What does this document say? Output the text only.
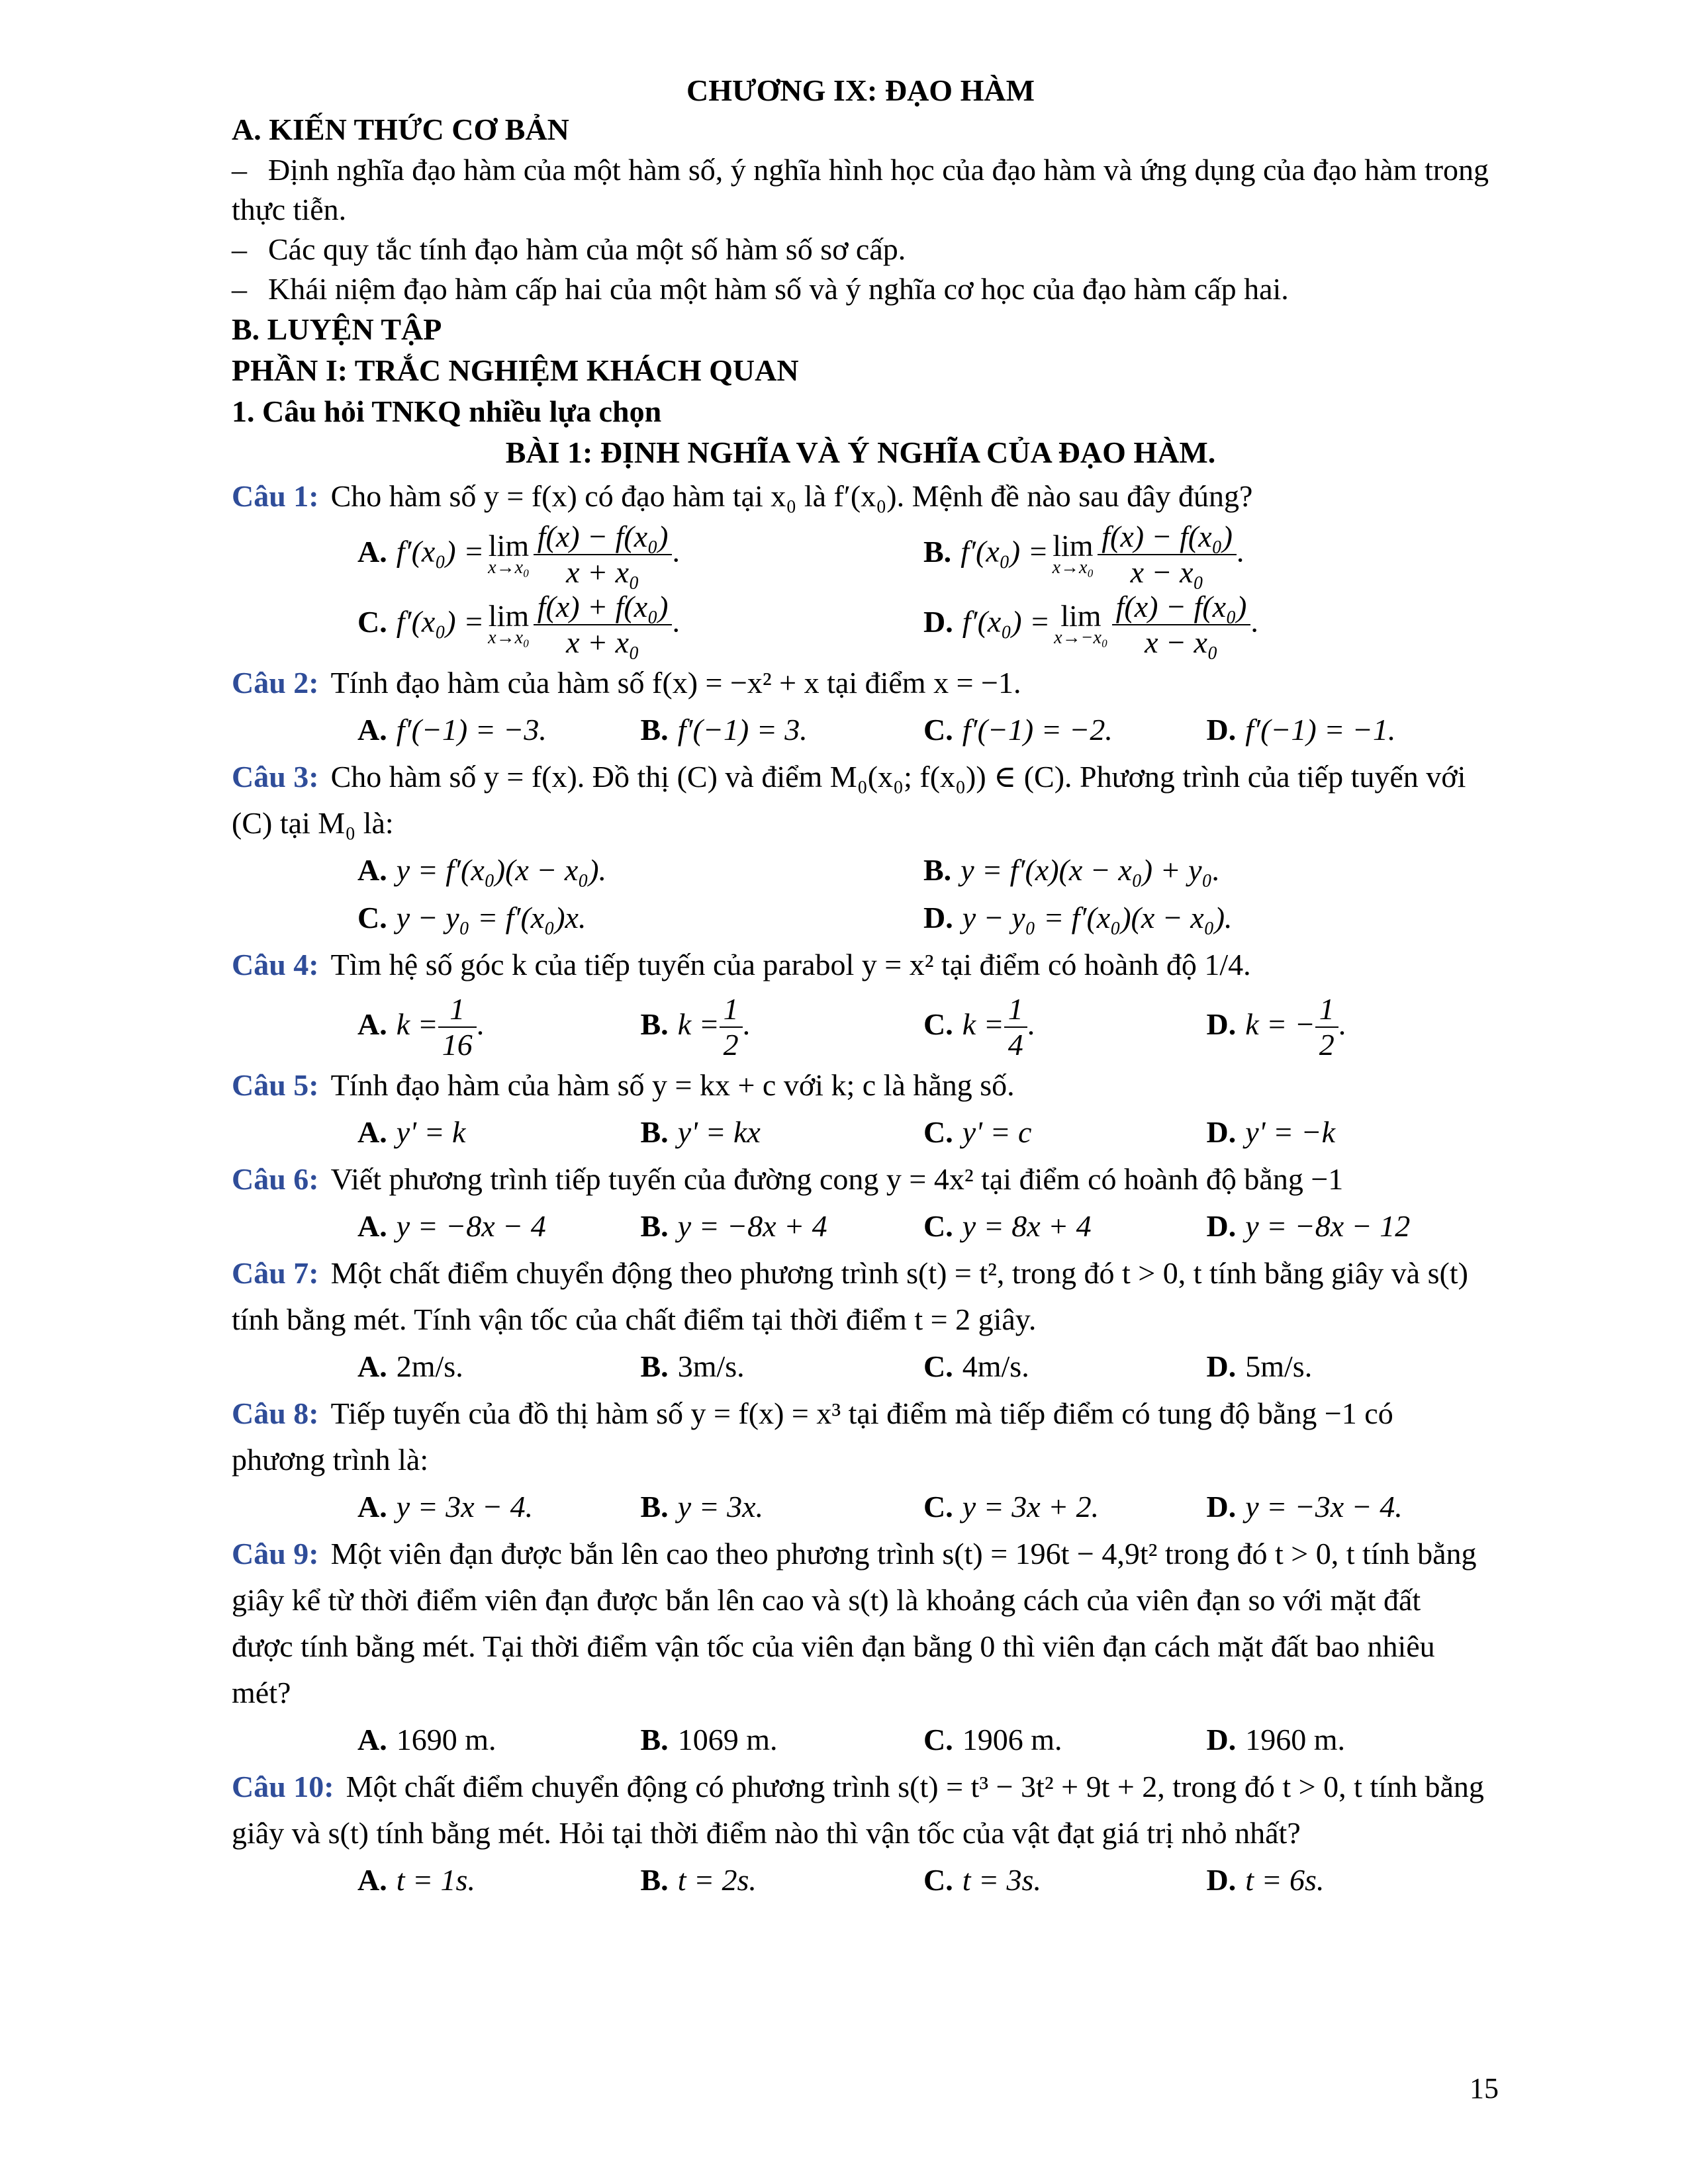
CHƯƠNG IX: ĐẠO HÀM
A. KIẾN THỨC CƠ BẢN
– Định nghĩa đạo hàm của một hàm số, ý nghĩa hình học của đạo hàm và ứng dụng của đạo hàm trong thực tiễn.
– Các quy tắc tính đạo hàm của một số hàm số sơ cấp.
– Khái niệm đạo hàm cấp hai của một hàm số và ý nghĩa cơ học của đạo hàm cấp hai.
B. LUYỆN TẬP
PHẦN I: TRẮC NGHIỆM KHÁCH QUAN
1. Câu hỏi TNKQ nhiều lựa chọn
BÀI 1: ĐỊNH NGHĨA VÀ Ý NGHĨA CỦA ĐẠO HÀM.
Câu 1: Cho hàm số y = f(x) có đạo hàm tại x₀ là f′(x₀). Mệnh đề nào sau đây đúng?
A. f′(x₀) = lim
$x\to x_0 \frac{\text{f(x) − f(x₀)}}{\text{x + x₀}}$ .	B. f′(x₀) = lim
$x\to x_0 \frac{\text{f(x) − f(x₀)}}{\text{x − x₀}}$ .
C. f′(x₀) = lim
$x\to x_0 \frac{\text{f(x) + f(x₀)}}{\text{x + x₀}}$ .	D. f′(x₀) = lim
$x\to-x_0 \frac{\text{f(x) − f(x₀)}}{\text{x − x₀}}$ .
Câu 2: Tính đạo hàm của hàm số f(x) = −x² + x tại điểm x = −1.
A. f′(−1) = −3.	B. f′(−1) = 3.	C. f′(−1) = −2.	D. f′(−1) = −1.
Câu 3: Cho hàm số y = f(x). Đồ thị (C) và điểm M₀(x₀; f(x₀)) ∈ (C). Phương trình của tiếp tuyến với (C) tại M₀ là:
A. y = f′(x₀)(x − x₀).	B. y = f′(x)(x − x₀) + y₀.
C. y − y₀ = f′(x₀)x.	D. y − y₀ = f′(x₀)(x − x₀).
Câu 4: Tìm hệ số góc k của tiếp tuyến của parabol y = x² tại điểm có hoành độ 1/4.
A. $k = \frac{1}{16}$ .	B. $k = \frac{1}{2}$ .	C. $k = \frac{1}{4}$ .	D. k = − $\frac{1}{2}$ .
Câu 5: Tính đạo hàm của hàm số y = kx + c với k; c là hằng số.
A. y' = k	B. y' = kx	C. y' = c	D. y' = −k
Câu 6: Viết phương trình tiếp tuyến của đường cong y = 4x² tại điểm có hoành độ bằng −1
A. y = −8x − 4	B. y = −8x + 4	C. y = 8x + 4	D. y = −8x − 12
Câu 7: Một chất điểm chuyển động theo phương trình s(t) = t², trong đó t > 0, t tính bằng giây và s(t) tính bằng mét. Tính vận tốc của chất điểm tại thời điểm t = 2 giây.
A. 2m/s.	B. 3m/s.	C. 4m/s.	D. 5m/s.
Câu 8: Tiếp tuyến của đồ thị hàm số y = f(x) = x³ tại điểm mà tiếp điểm có tung độ bằng −1 có phương trình là:
A. y = 3x − 4.	B. y = 3x.	C. y = 3x + 2.	D. y = −3x − 4.
Câu 9: Một viên đạn được bắn lên cao theo phương trình s(t) = 196t − 4,9t² trong đó t > 0, t tính bằng giây kể từ thời điểm viên đạn được bắn lên cao và s(t) là khoảng cách của viên đạn so với mặt đất được tính bằng mét. Tại thời điểm vận tốc của viên đạn bằng 0 thì viên đạn cách mặt đất bao nhiêu mét?
A. 1690 m.	B. 1069 m.	C. 1906 m.	D. 1960 m.
Câu 10: Một chất điểm chuyển động có phương trình s(t) = t³ − 3t² + 9t + 2, trong đó t > 0, t tính bằng giây và s(t) tính bằng mét. Hỏi tại thời điểm nào thì vận tốc của vật đạt giá trị nhỏ nhất?
A. t = 1s.	B. t = 2s.	C. t = 3s.	D. t = 6s.
15
